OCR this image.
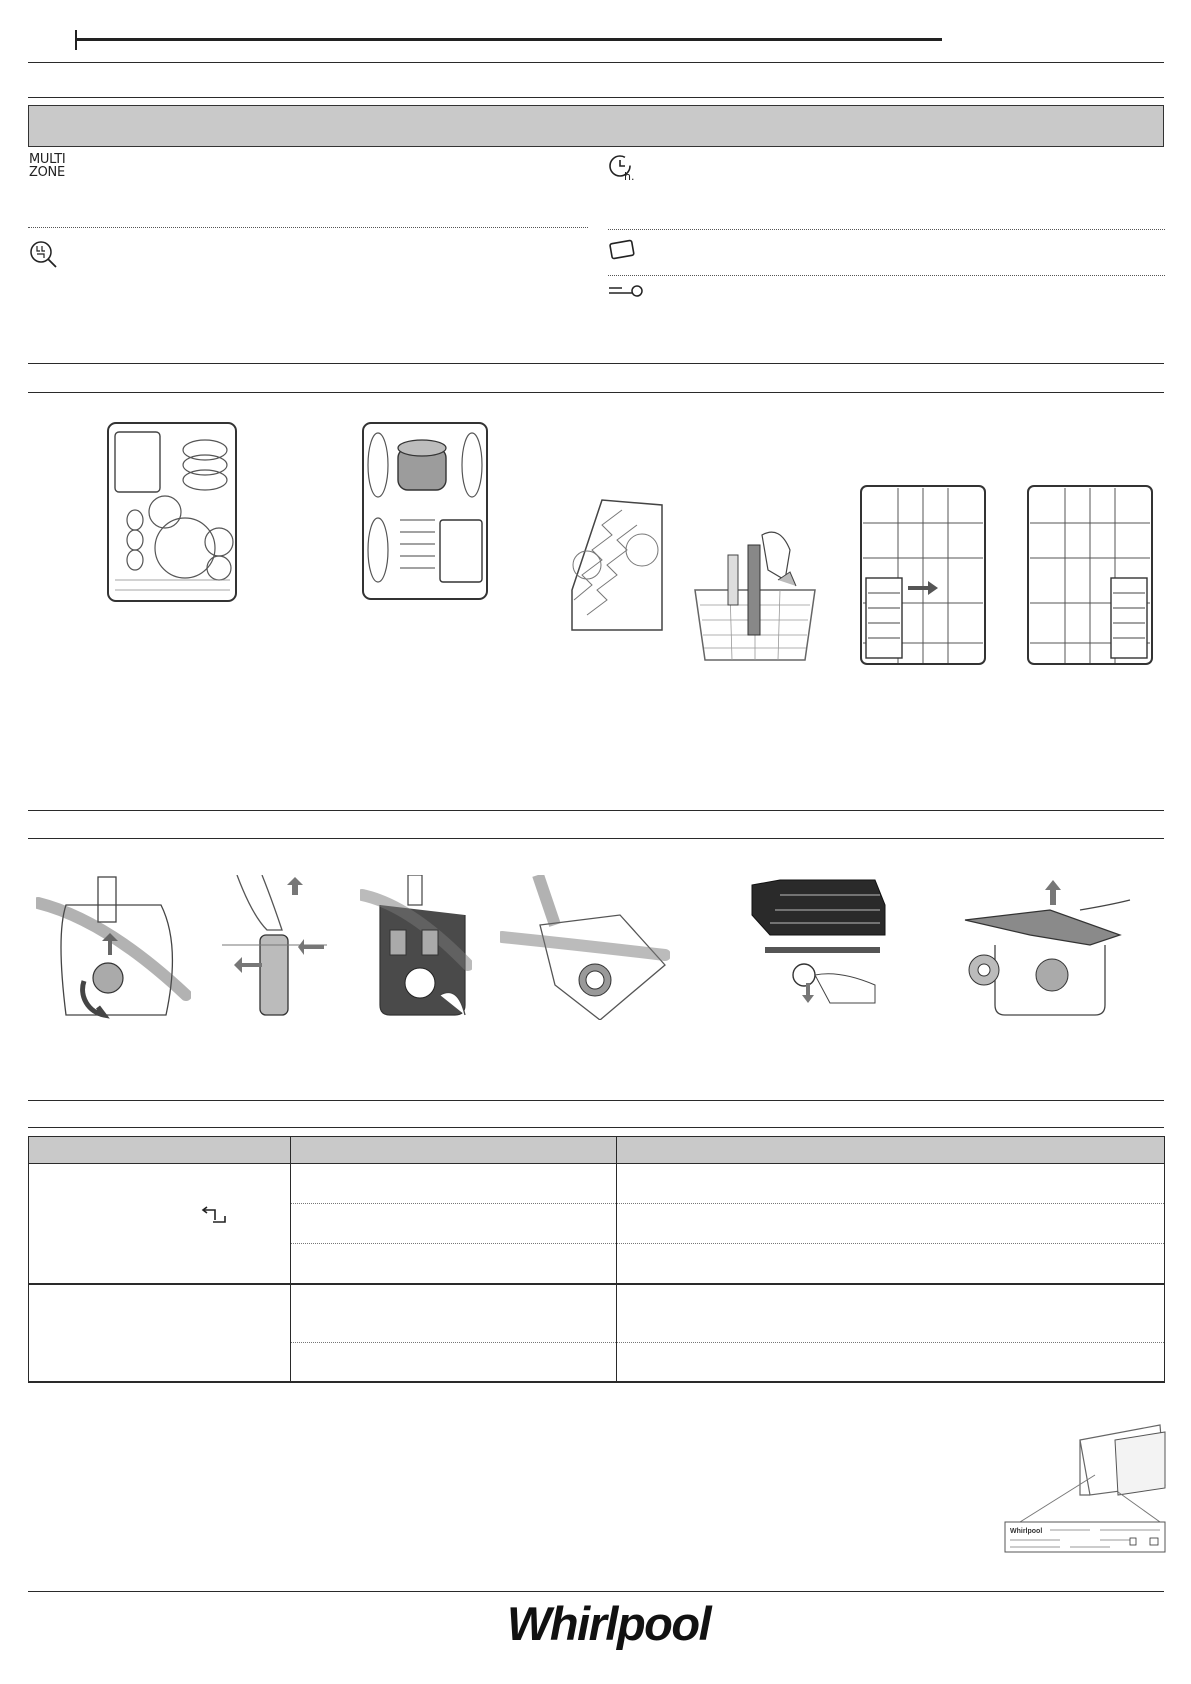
MULTI
ZONE	h.

Whirlpool
Whirlpool
